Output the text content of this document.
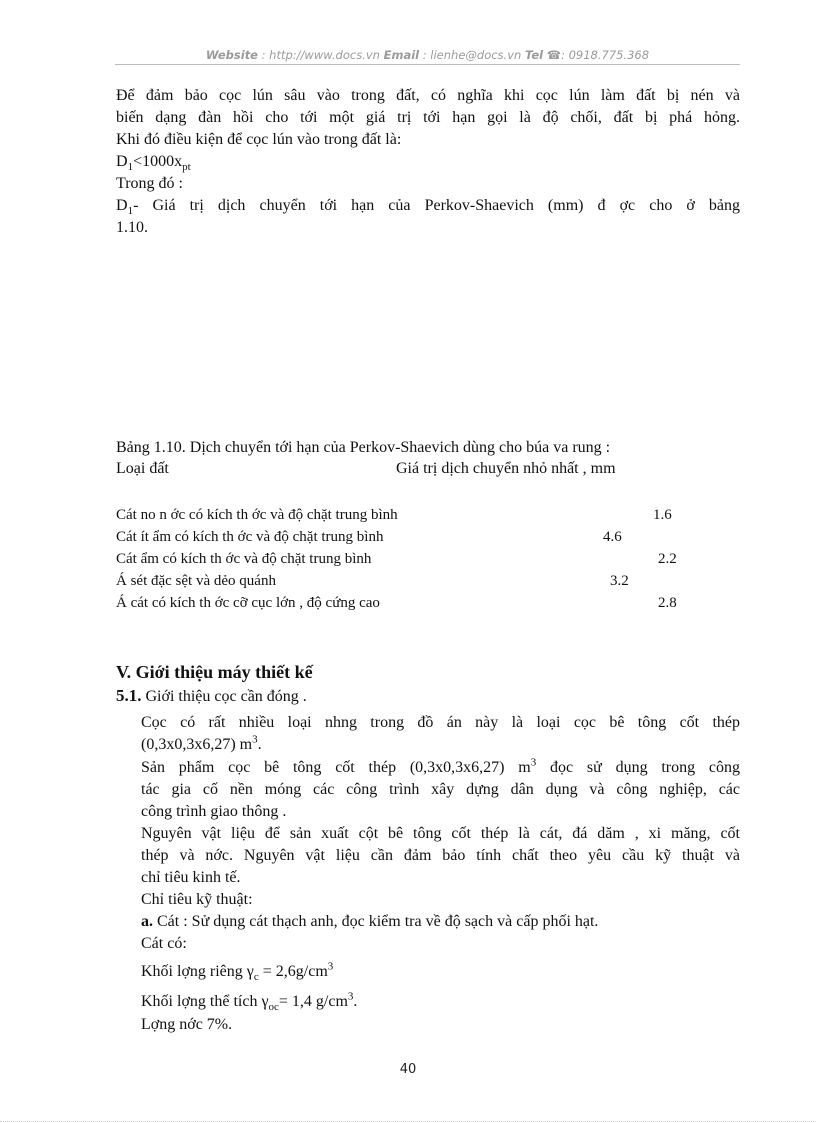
Website : http://www.docs.vn Email : lienhe@docs.vn Tel ☎: 0918.775.368
Để đảm bảo cọc lún sâu vào trong đất, có nghĩa khi cọc lún làm đất bị nén và
biến dạng đàn hồi cho tới một giá trị tới hạn gọi là độ chối, đất bị phá hỏng.
Khi đó điều kiện để cọc lún vào trong đất là:
$D_1<1000x_{pt}$
Trong đó :
$D_1-$ Giá trị dịch chuyển tới hạn của Perkov-Shaevich (mm) đ ợc cho ở bảng
1.10.
Bảng 1.10. Dịch chuyển tới hạn của Perkov-Shaevich dùng cho búa va rung :
Loại đất	Giá trị dịch chuyển nhỏ nhất , mm
Cát no n ớc có kích th ớc và độ chặt trung bình	1.6
Cát ít ẩm có kích th ớc và độ chặt trung bình	4.6
Cát ẩm có kích th ớc và độ chặt trung bình	2.2
Á sét đặc sệt và dẻo quánh	3.2
Á cát có kích th ớc cỡ cục lớn , độ cứng cao	2.8
V. Giới thiệu máy thiết kế
5.1. Giới thiệu cọc cần đóng .
Cọc có rất nhiều loại nhng trong đồ án này là loại cọc bê tông cốt thép
(0,3x0,3x6,27) $m^3$.
Sản phẩm cọc bê tông cốt thép (0,3x0,3x6,27) $m^3$ đọc sử dụng trong công
tác gia cố nền móng các công trình xây dựng dân dụng và công nghiệp, các
công trình giao thông .
Nguyên vật liệu để sản xuất cột bê tông cốt thép là cát, đá dăm , xi măng, cốt
thép và nớc. Nguyên vật liệu cần đảm bảo tính chất theo yêu cầu kỹ thuật và
chỉ tiêu kinh tế.
Chỉ tiêu kỹ thuật:
a. Cát : Sử dụng cát thạch anh, đọc kiểm tra về độ sạch và cấp phối hạt.
Cát có:
Khối lợng riêng $\gamma_c = 2,6g/cm^3$
Khối lợng thể tích $\gamma_{oc}= 1,4$ $g/cm^3$.
Lợng nớc 7%.
40
